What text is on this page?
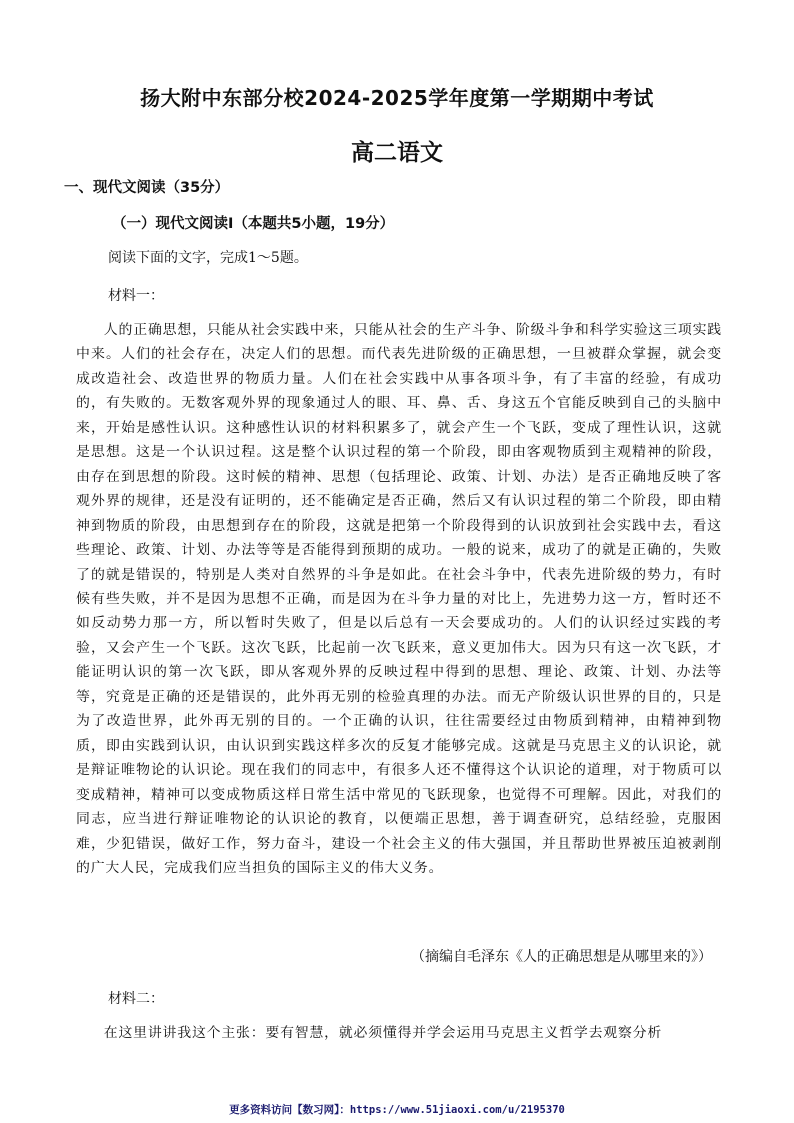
扬大附中东部分校2024-2025学年度第一学期期中考试
高二语文
一、现代文阅读（35分）
（一）现代文阅读Ⅰ（本题共5小题，19分）
阅读下面的文字，完成1～5题。
材料一：

人的正确思想，只能从社会实践中来，只能从社会的生产斗争、阶级斗争和科学实验这三项实践中来。人们的社会存在，决定人们的思想。而代表先进阶级的正确思想，一旦被群众掌握，就会变成改造社会、改造世界的物质力量。人们在社会实践中从事各项斗争，有了丰富的经验，有成功的，有失败的。无数客观外界的现象通过人的眼、耳、鼻、舌、身这五个官能反映到自己的头脑中来，开始是感性认识。这种感性认识的材料积累多了，就会产生一个飞跃，变成了理性认识，这就是思想。这是一个认识过程。这是整个认识过程的第一个阶段，即由客观物质到主观精神的阶段，由存在到思想的阶段。这时候的精神、思想（包括理论、政策、计划、办法）是否正确地反映了客观外界的规律，还是没有证明的，还不能确定是否正确，然后又有认识过程的第二个阶段，即由精神到物质的阶段，由思想到存在的阶段，这就是把第一个阶段得到的认识放到社会实践中去，看这些理论、政策、计划、办法等等是否能得到预期的成功。一般的说来，成功了的就是正确的，失败了的就是错误的，特别是人类对自然界的斗争是如此。在社会斗争中，代表先进阶级的势力，有时候有些失败，并不是因为思想不正确，而是因为在斗争力量的对比上，先进势力这一方，暂时还不如反动势力那一方，所以暂时失败了，但是以后总有一天会要成功的。人们的认识经过实践的考验，又会产生一个飞跃。这次飞跃，比起前一次飞跃来，意义更加伟大。因为只有这一次飞跃，才能证明认识的第一次飞跃，即从客观外界的反映过程中得到的思想、理论、政策、计划、办法等等，究竟是正确的还是错误的，此外再无别的检验真理的办法。而无产阶级认识世界的目的，只是为了改造世界，此外再无别的目的。一个正确的认识，往往需要经过由物质到精神，由精神到物质，即由实践到认识，由认识到实践这样多次的反复才能够完成。这就是马克思主义的认识论，就是辩证唯物论的认识论。现在我们的同志中，有很多人还不懂得这个认识论的道理，对于物质可以变成精神，精神可以变成物质这样日常生活中常见的飞跃现象，也觉得不可理解。因此，对我们的同志，应当进行辩证唯物论的认识论的教育，以便端正思想，善于调查研究，总结经验，克服困难，少犯错误，做好工作，努力奋斗，建设一个社会主义的伟大强国，并且帮助世界被压迫被剥削的广大人民，完成我们应当担负的国际主义的伟大义务。

（摘编自毛泽东《人的正确思想是从哪里来的》）
材料二：

在这里讲讲我这个主张：要有智慧，就必须懂得并学会运用马克思主义哲学去观察分析

更多资料访问【数习网】：https://www.51jiaoxi.com/u/2195370
